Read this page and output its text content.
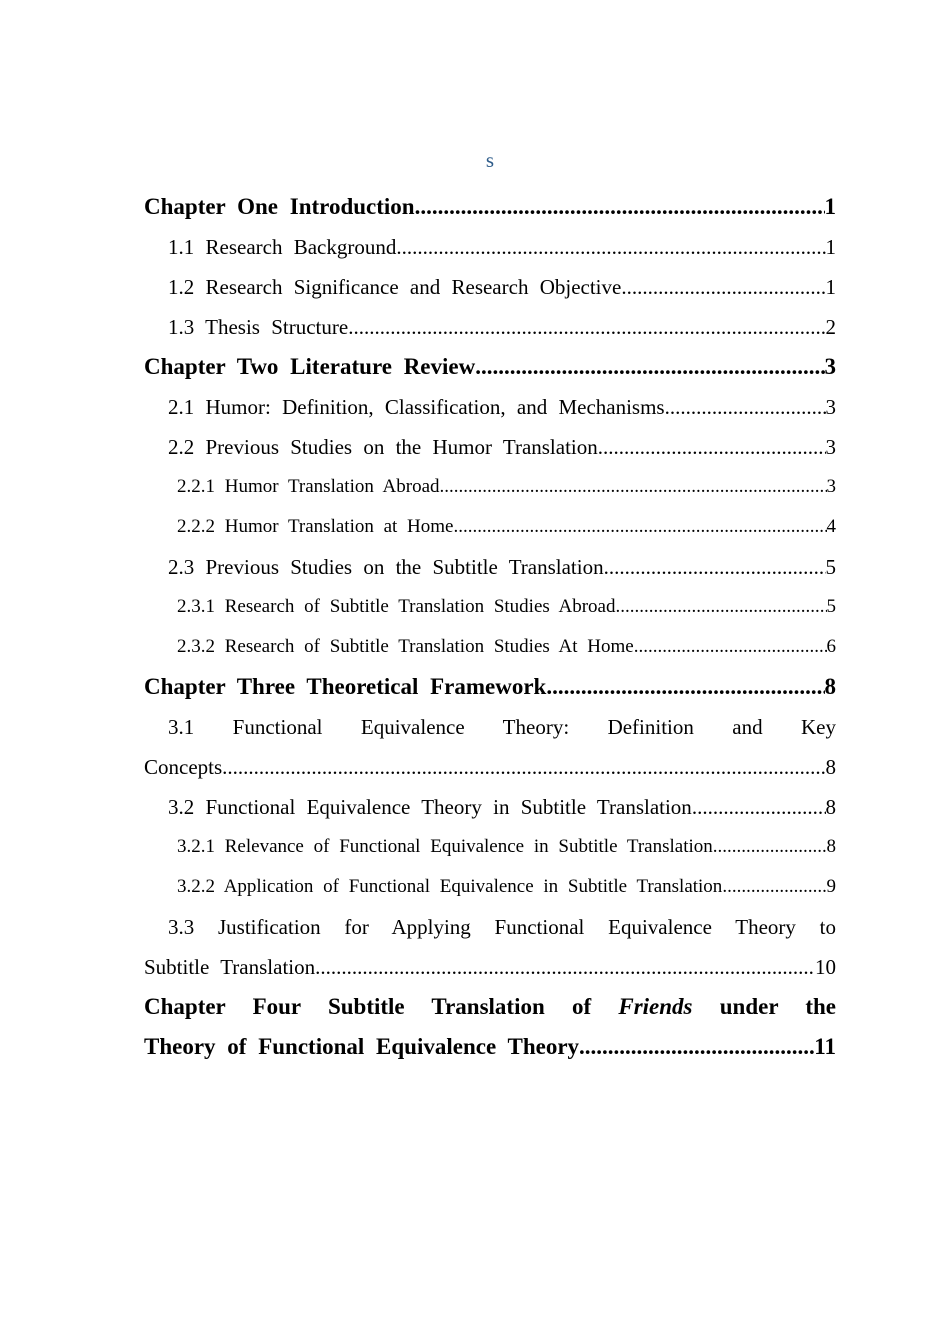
s
Chapter One Introduction .....	1
1.1 Research Background .....	1
1.2 Research Significance and Research Objective .....	1
1.3 Thesis Structure .....	2
Chapter Two Literature Review .....	3
2.1 Humor: Definition, Classification, and Mechanisms .....	3
2.2 Previous Studies on the Humor Translation .....	3
2.2.1 Humor Translation Abroad .....	3
2.2.2 Humor Translation at Home .....	4
2.3 Previous Studies on the Subtitle Translation .....	5
2.3.1 Research of Subtitle Translation Studies Abroad .....	5
2.3.2 Research of Subtitle Translation Studies At Home .....	6
Chapter Three Theoretical Framework .....	8
3.1 Functional Equivalence Theory: Definition and Key
Concepts .....	8
3.2 Functional Equivalence Theory in Subtitle Translation .....	8
3.2.1 Relevance of Functional Equivalence in Subtitle Translation .....	8
3.2.2 Application of Functional Equivalence in Subtitle Translation .....	9
3.3 Justification for Applying Functional Equivalence Theory to
Subtitle Translation .....	10
Chapter Four Subtitle Translation of Friends under the
Theory of Functional Equivalence Theory .....	11
